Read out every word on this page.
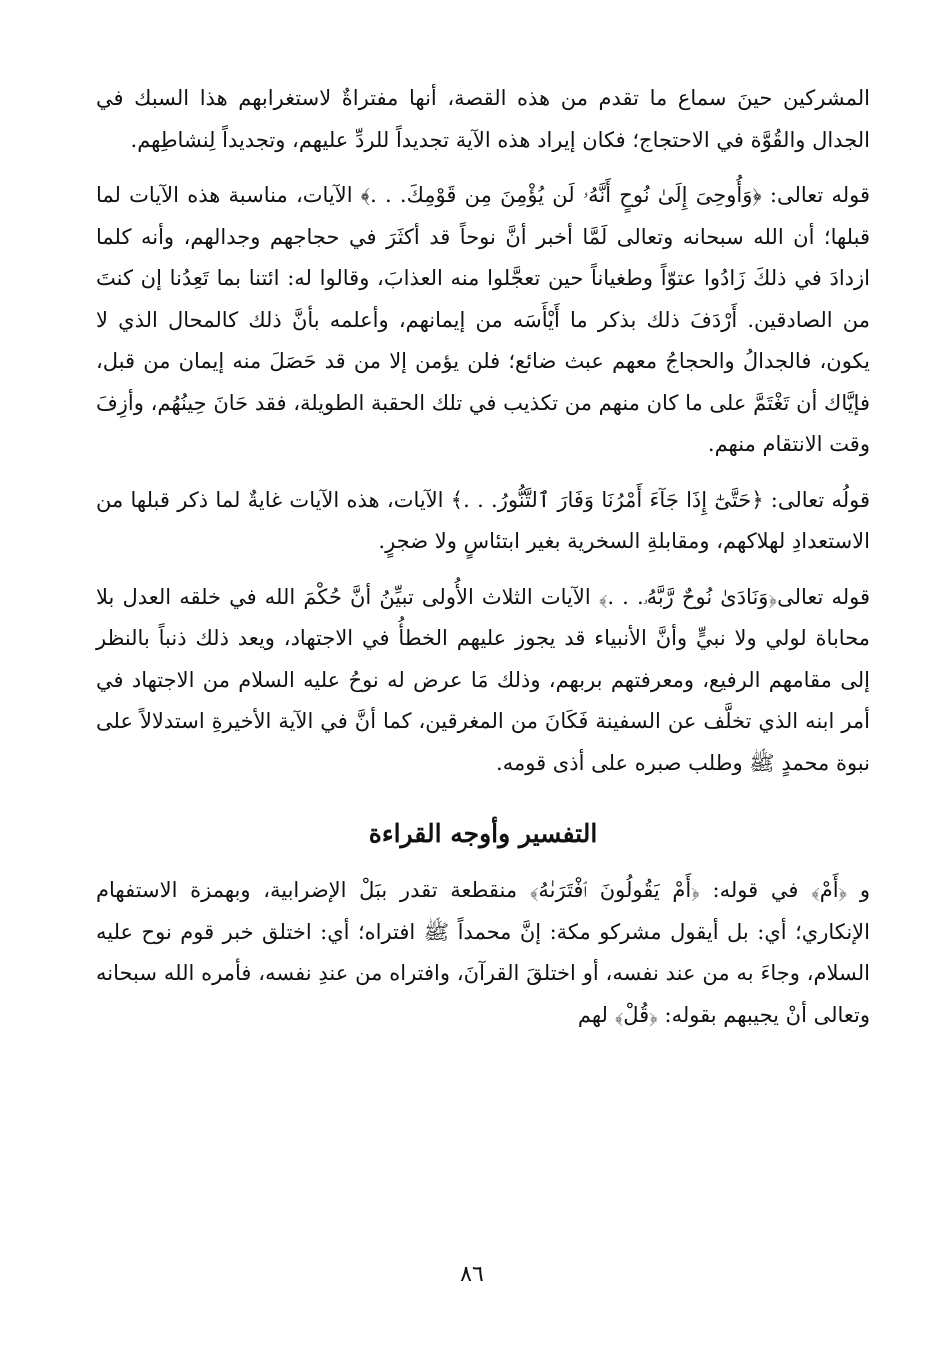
المشركين حينَ سماع ما تقدم من هذه القصة، أنها مفتراةٌ لاستغرابهم هذا السبك في الجدال والقُوَّة في الاحتجاج؛ فكان إيراد هذه الآية تجديداً للردِّ عليهم، وتجديداً لِنشاطِهم.

قوله تعالى: ﴿وَأُوحِىَ إِلَىٰ نُوحٍ أَنَّهُۥ لَن يُؤْمِنَ مِن قَوْمِكَ. . .﴾ الآيات، مناسبة هذه الآيات لما قبلها؛ أن الله سبحانه وتعالى لَمَّا أخبر أنَّ نوحاً قد أكثَرَ في حجاجهم وجدالهم، وأنه كلما ازدادَ في ذلكَ زَادُوا عتوّاً وطغياناً حين تعجَّلوا منه العذابَ، وقالوا له: ائتنا بما تَعِدُنا إن كنتَ من الصادقين. أَرْدَفَ ذلك بذكر ما أَيْأَسَه من إيمانهم، وأعلمه بأنَّ ذلك كالمحال الذي لا يكون، فالجدالُ والحجاجُ معهم عبث ضائع؛ فلن يؤمن إلا من قد حَصَلَ منه إيمان من قبل، فإيَّاك أن تَغْتَمَّ على ما كان منهم من تكذيب في تلك الحقبة الطويلة، فقد حَانَ حِينُهُم، وأزِفَ وقت الانتقام منهم.

قولُه تعالى: ﴿حَتَّىٰٓ إِذَا جَآءَ أَمْرُنَا وَفَارَ ٱلتَّنُّورُ. . .﴾ الآيات، هذه الآيات غايةٌ لما ذكر قبلها من الاستعدادِ لهلاكهم، ومقابلةِ السخرية بغير ابتئاسٍ ولا ضجرٍ.

قوله تعالى﴿وَنَادَىٰ نُوحٌ رَّبَّهُۥ. . .﴾ الآيات الثلاث الأُولى تبيِّنُ أنَّ حُكْمَ الله في خلقه العدل بلا محاباة لولي ولا نبيٍّ وأنَّ الأنبياء قد يجوز عليهم الخطأُ في الاجتهاد، ويعد ذلك ذنباً بالنظر إلى مقامهم الرفيع، ومعرفتهم بربهم، وذلك مَا عرض له نوحُ عليه السلام من الاجتهاد في أمر ابنه الذي تخلَّف عن السفينة فَكَانَ من المغرقين، كما أنَّ في الآية الأخيرةِ استدلالاً على نبوة محمدٍ ﷺ وطلب صبره على أذى قومه.

التفسير وأوجه القراءة

و ﴿أَمْ﴾ في قوله: ﴿أَمْ يَقُولُونَ ٱفْتَرَىٰهُ﴾ منقطعة تقدر ببَلْ الإضرابية، وبهمزة الاستفهام الإنكاري؛ أي: بل أيقول مشركو مكة: إنَّ محمداً ﷺ افتراه؛ أي: اختلق خبر قوم نوح عليه السلام، وجاءَ به من عند نفسه، أو اختلقَ القرآنَ، وافتراه من عندِ نفسه، فأمره الله سبحانه وتعالى أنْ يجيبهم بقوله: ﴿قُلْ﴾ لهم

٨٦
